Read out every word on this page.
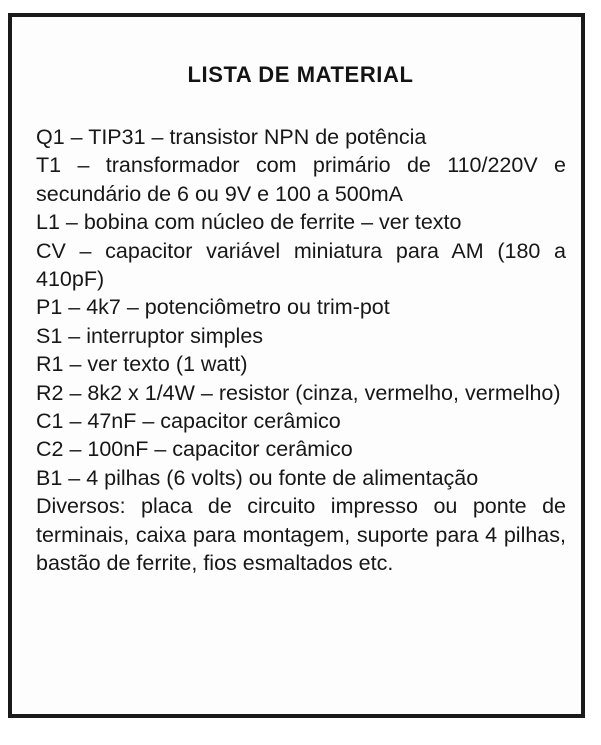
LISTA DE MATERIAL
Q1 – TIP31 – transistor NPN de potência
T1 – transformador com primário de 110/220V e secundário de 6 ou 9V e 100 a 500mA
L1 – bobina com núcleo de ferrite – ver texto
CV – capacitor variável miniatura para AM (180 a 410pF)
P1 – 4k7 – potenciômetro ou trim-pot
S1 – interruptor simples
R1 – ver texto (1 watt)
R2 – 8k2 x 1/4W – resistor (cinza, vermelho, vermelho)
C1 – 47nF – capacitor cerâmico
C2 – 100nF – capacitor cerâmico
B1 – 4 pilhas (6 volts) ou fonte de alimentação
Diversos: placa de circuito impresso ou ponte de terminais, caixa para montagem, suporte para 4 pilhas, bastão de ferrite, fios esmaltados etc.
